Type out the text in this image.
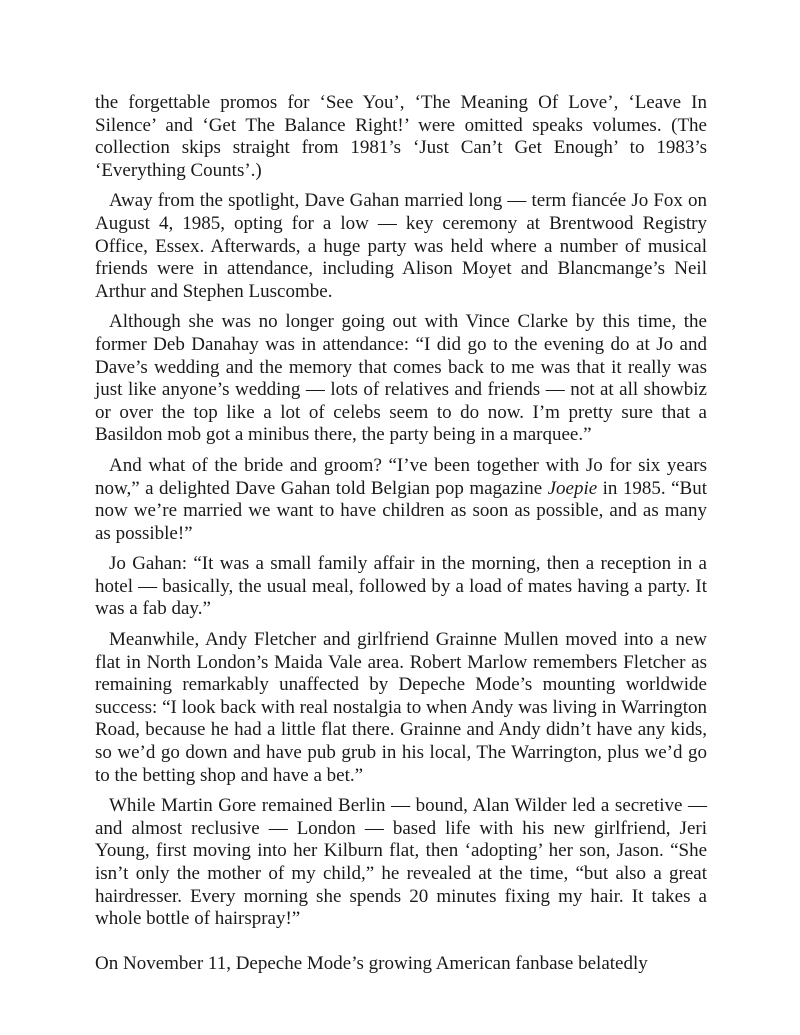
the forgettable promos for ‘See You’, ‘The Meaning Of Love’, ‘Leave In Silence’ and ‘Get The Balance Right!’ were omitted speaks volumes. (The collection skips straight from 1981’s ‘Just Can’t Get Enough’ to 1983’s ‘Everything Counts’.)

Away from the spotlight, Dave Gahan married long — term fiancée Jo Fox on August 4, 1985, opting for a low — key ceremony at Brentwood Registry Office, Essex. Afterwards, a huge party was held where a number of musical friends were in attendance, including Alison Moyet and Blancmange’s Neil Arthur and Stephen Luscombe.

Although she was no longer going out with Vince Clarke by this time, the former Deb Danahay was in attendance: “I did go to the evening do at Jo and Dave’s wedding and the memory that comes back to me was that it really was just like anyone’s wedding — lots of relatives and friends — not at all showbiz or over the top like a lot of celebs seem to do now. I’m pretty sure that a Basildon mob got a minibus there, the party being in a marquee.”

And what of the bride and groom? “I’ve been together with Jo for six years now,” a delighted Dave Gahan told Belgian pop magazine Joepie in 1985. “But now we’re married we want to have children as soon as possible, and as many as possible!”

Jo Gahan: “It was a small family affair in the morning, then a reception in a hotel — basically, the usual meal, followed by a load of mates having a party. It was a fab day.”

Meanwhile, Andy Fletcher and girlfriend Grainne Mullen moved into a new flat in North London’s Maida Vale area. Robert Marlow remembers Fletcher as remaining remarkably unaffected by Depeche Mode’s mounting worldwide success: “I look back with real nostalgia to when Andy was living in Warrington Road, because he had a little flat there. Grainne and Andy didn’t have any kids, so we’d go down and have pub grub in his local, The Warrington, plus we’d go to the betting shop and have a bet.”

While Martin Gore remained Berlin — bound, Alan Wilder led a secretive — and almost reclusive — London — based life with his new girlfriend, Jeri Young, first moving into her Kilburn flat, then ‘adopting’ her son, Jason. “She isn’t only the mother of my child,” he revealed at the time, “but also a great hairdresser. Every morning she spends 20 minutes fixing my hair. It takes a whole bottle of hairspray!”

On November 11, Depeche Mode’s growing American fanbase belatedly
